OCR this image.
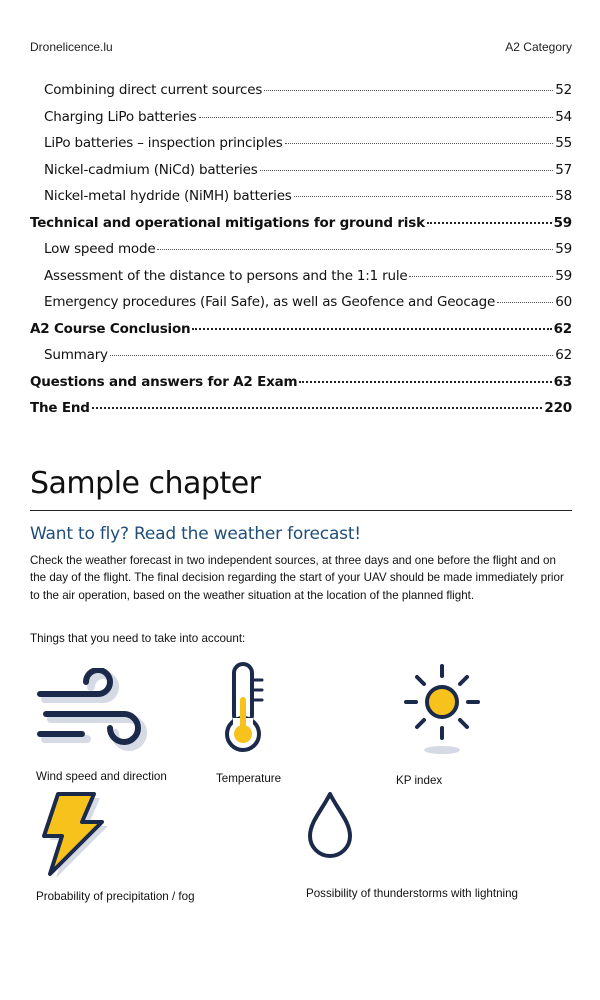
Dronelicence.lu	A2 Category
Combining direct current sources	52
Charging LiPo batteries	54
LiPo batteries – inspection principles	55
Nickel-cadmium (NiCd) batteries	57
Nickel-metal hydride (NiMH) batteries	58
Technical and operational mitigations for ground risk	59
Low speed mode	59
Assessment of the distance to persons and the 1:1 rule	59
Emergency procedures (Fail Safe), as well as Geofence and Geocage	60
A2 Course Conclusion	62
Summary	62
Questions and answers for A2 Exam	63
The End	220
Sample chapter
Want to fly? Read the weather forecast!
Check the weather forecast in two independent sources, at three days and one before the flight and on the day of the flight. The final decision regarding the start of your UAV should be made immediately prior to the air operation, based on the weather situation at the location of the planned flight.
Things that you need to take into account:
Wind speed and direction	Temperature	KP index
Probability of precipitation / fog	Possibility of thunderstorms with lightning
